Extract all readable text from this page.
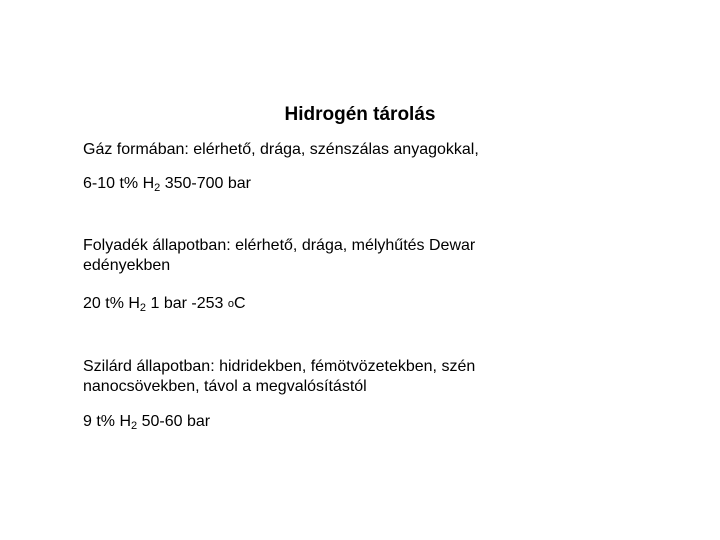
Hidrogén tárolás

Gáz formában: elérhető, drága, szénszálas anyagokkal,

6-10 t% $H_2$ 350-700 bar

Folyadék állapotban: elérhető, drága, mélyhűtés Dewar edényekben

20 t% $H_2$ 1 bar -253 $^o$C

Szilárd állapotban: hidridekben, fémötvözetekben, szén nanocsövekben, távol a megvalósítástól

9 t% $H_2$ 50-60 bar
